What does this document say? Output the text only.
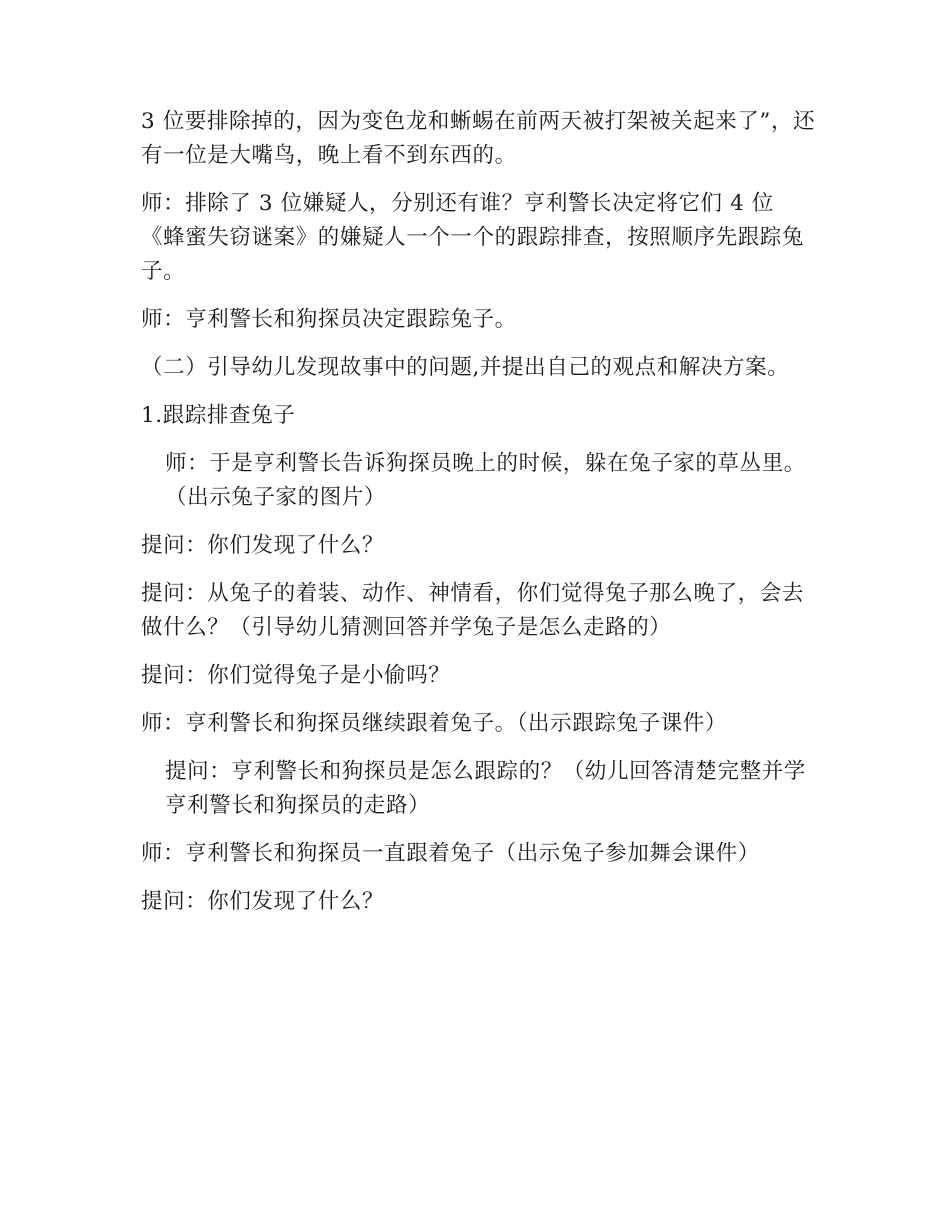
3 位要排除掉的，因为变色龙和蜥蜴在前两天被打架被关起来了”，还有一位是大嘴鸟，晚上看不到东西的。

师：排除了 3 位嫌疑人，分别还有谁？亨利警长决定将它们 4 位《蜂蜜失窃谜案》的嫌疑人一个一个的跟踪排查，按照顺序先跟踪兔子。

师：亨利警长和狗探员决定跟踪兔子。

（二）引导幼儿发现故事中的问题,并提出自己的观点和解决方案。

1.跟踪排查兔子

师：于是亨利警长告诉狗探员晚上的时候，躲在兔子家的草丛里。（出示兔子家的图片）

提问：你们发现了什么？

提问：从兔子的着装、动作、神情看，你们觉得兔子那么晚了，会去做什么？（引导幼儿猜测回答并学兔子是怎么走路的）

提问：你们觉得兔子是小偷吗？

师：亨利警长和狗探员继续跟着兔子。（出示跟踪兔子课件）

提问：亨利警长和狗探员是怎么跟踪的？（幼儿回答清楚完整并学亨利警长和狗探员的走路）

师：亨利警长和狗探员一直跟着兔子（出示兔子参加舞会课件）

提问：你们发现了什么？
